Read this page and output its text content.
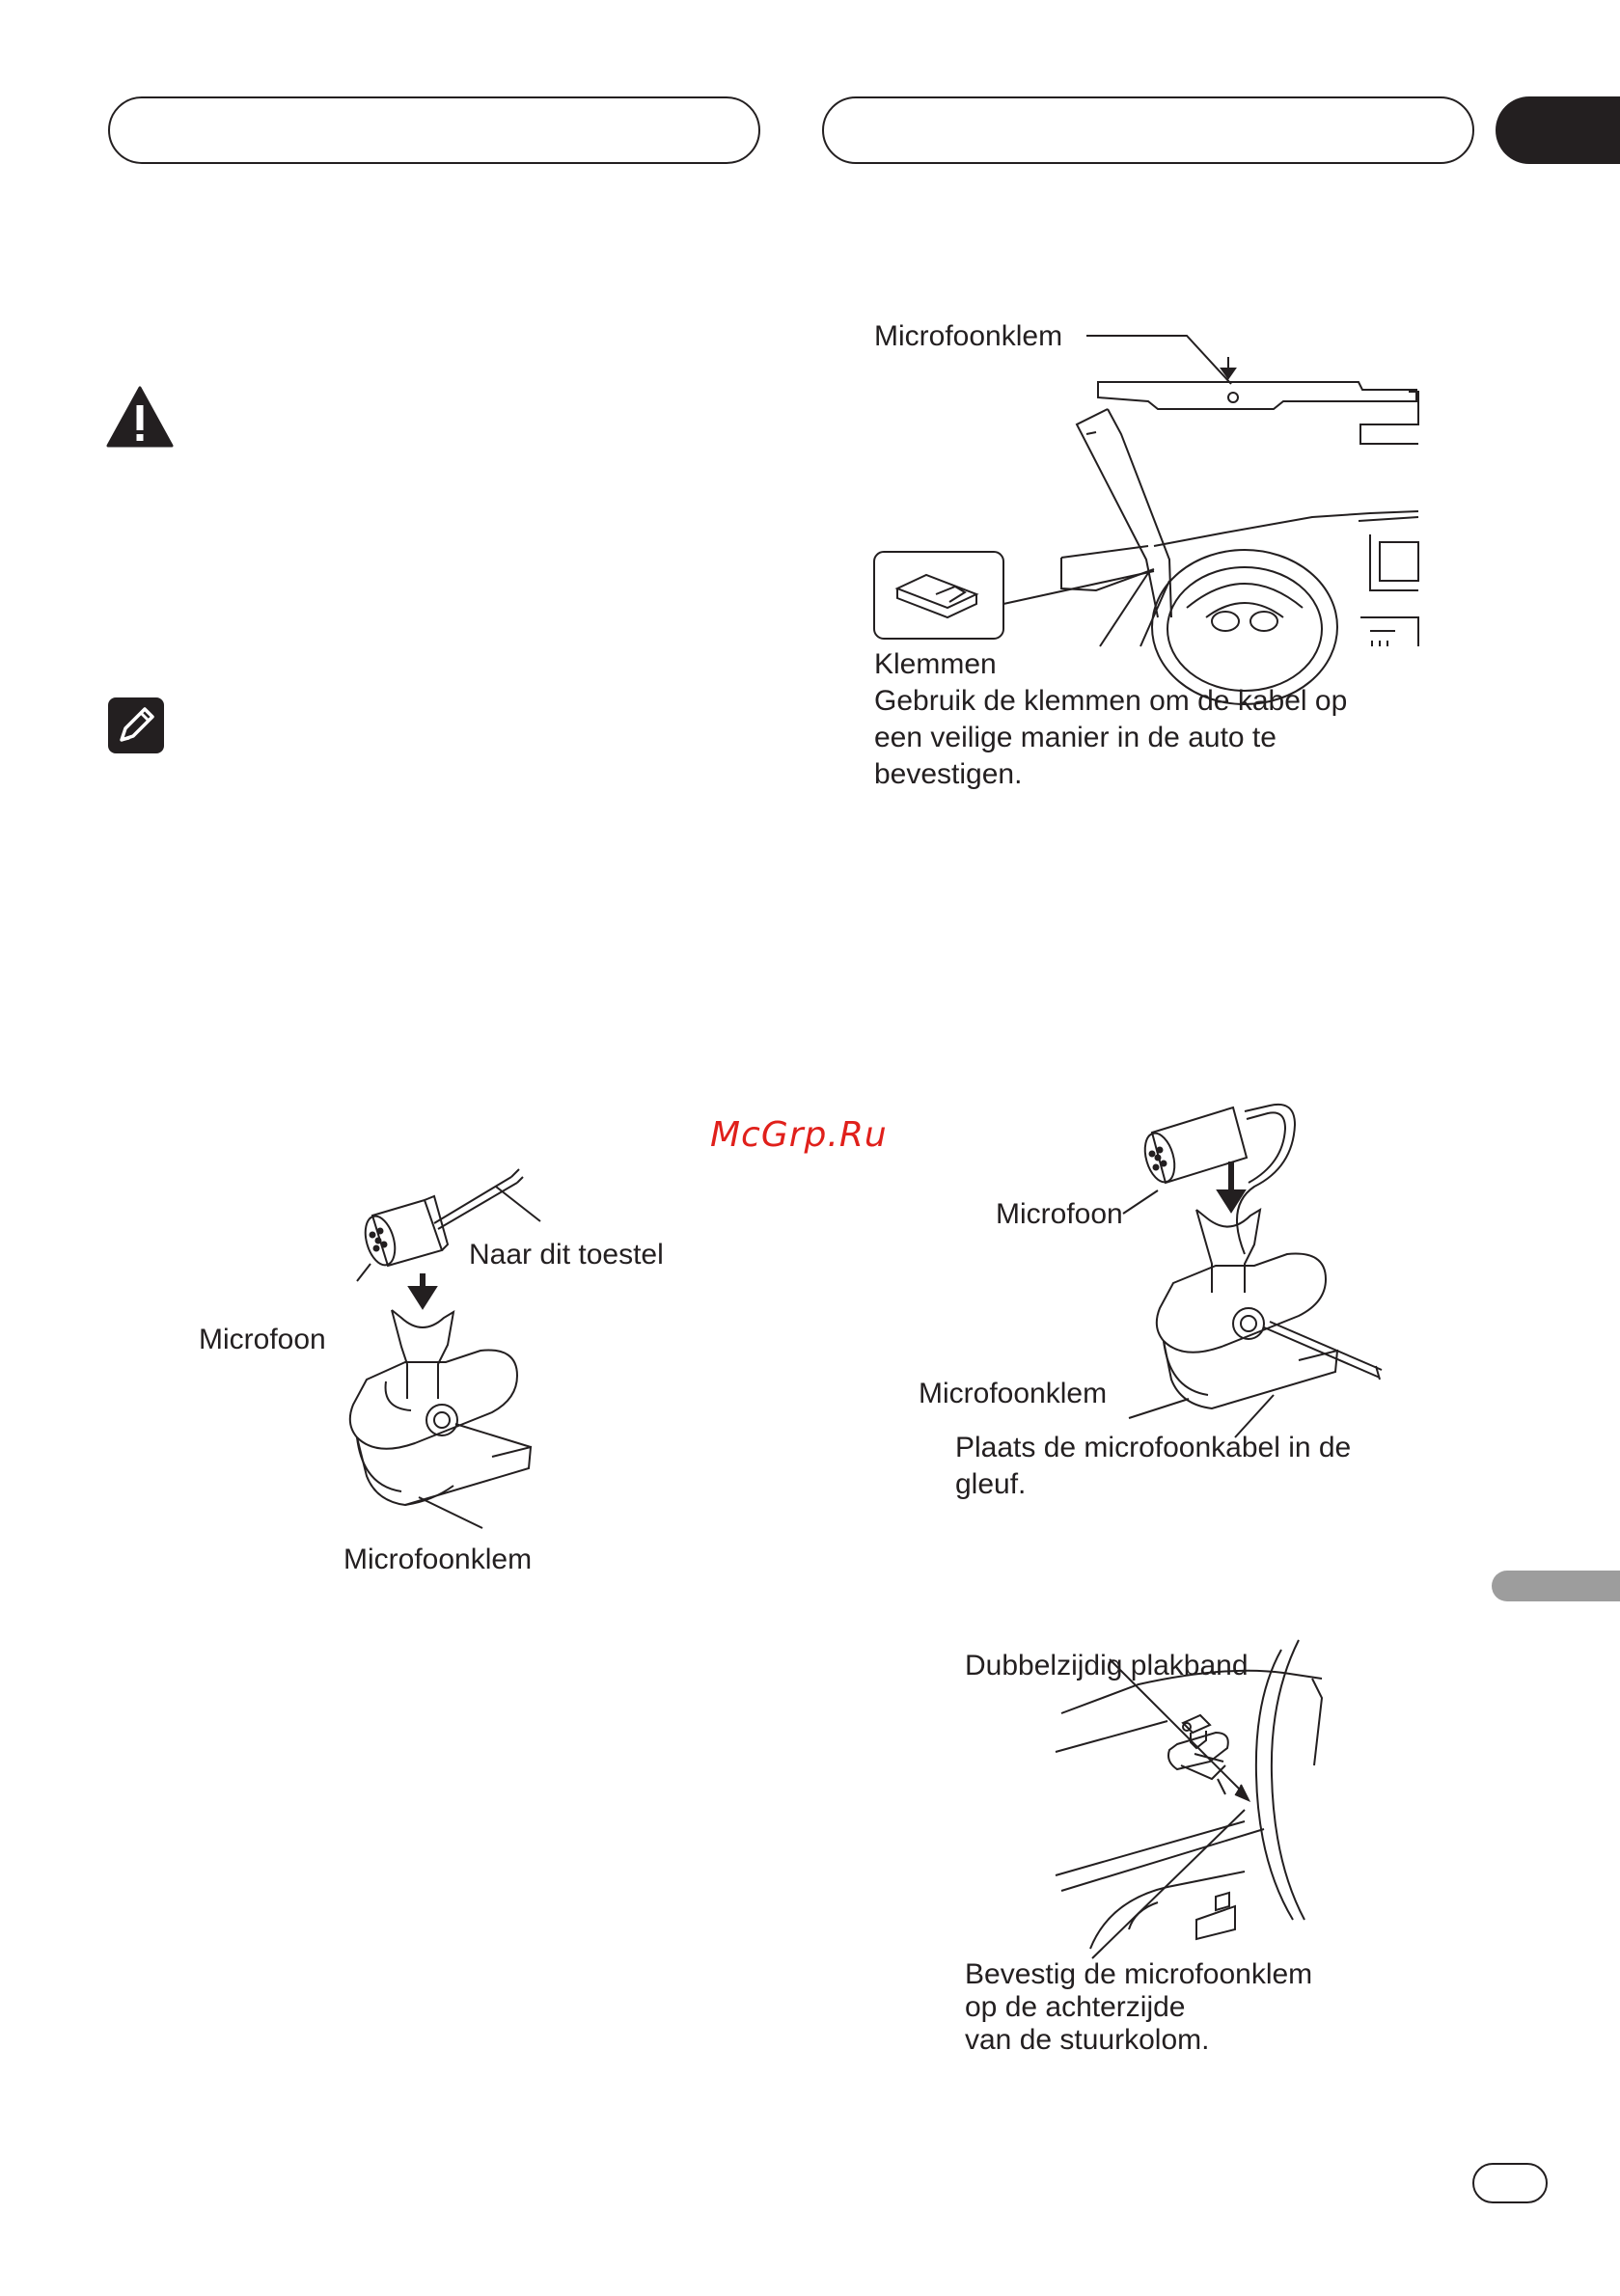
Microfoonklem
Klemmen
Gebruik de klemmen om de kabel op een veilige manier in de auto te bevestigen.
McGrp.Ru
Naar dit toestel
Microfoon
Microfoonklem
Microfoon
Microfoonklem
Plaats de microfoonkabel in de gleuf.
Dubbelzijdig plakband
Bevestig de microfoonklem
op de achterzijde
van de stuurkolom.
